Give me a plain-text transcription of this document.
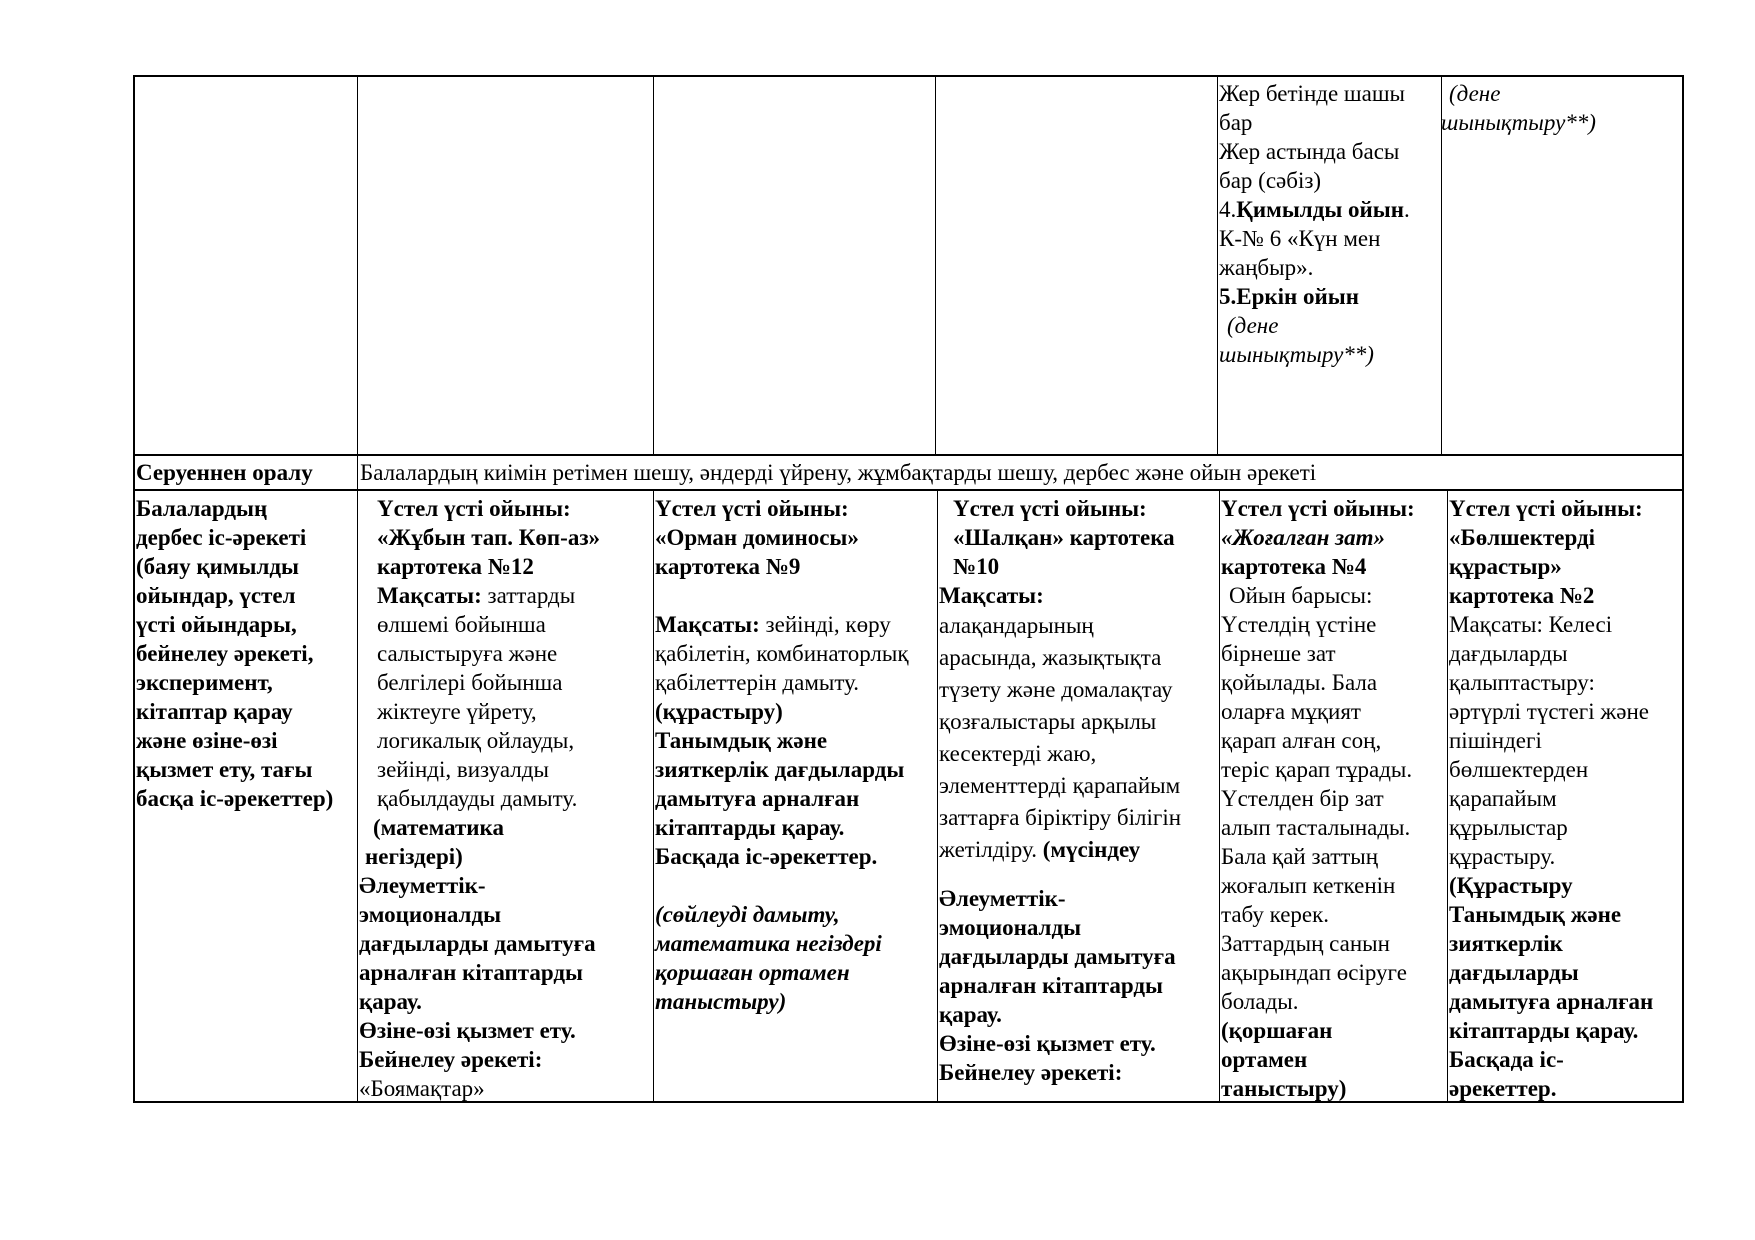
Жер бетінде шашы

бар

Жер астында басы

бар (сәбіз)

4.Қимылды ойын.

К-№ 6 «Күн мен

жаңбыр».

5.Еркін ойын

(дене

шынықтыру**)

(дене

шынықтыру**)

Серуеннен оралу	Балалардың киімін ретімен шешу, әндерді үйрену, жұмбақтарды шешу, дербес және ойын әрекеті

Балалардың

дербес іс-әрекеті

(баяу қимылды

ойындар, үстел

үсті ойындары,

бейнелеу әрекеті,

эксперимент,

кітаптар қарау

және өзіне-өзі

қызмет ету, тағы

басқа іс-әрекеттер)

Үстел үсті ойыны:

«Жұбын тап. Көп-аз»

картотека №12

Мақсаты: заттарды

өлшемі бойынша

салыстыруға және

белгілері бойынша

жіктеуге үйрету,

логикалық ойлауды,

зейінді, визуалды

қабылдауды дамыту.

(математика

негіздері)

Әлеуметтік-

эмоционалды

дағдыларды дамытуға

арналған кітаптарды

қарау.

Өзіне-өзі қызмет ету.

Бейнелеу әрекеті:

«Боямақтар»

Үстел үсті ойыны:

«Орман доминосы»

картотека №9

Мақсаты: зейінді, көру

қабілетін, комбинаторлық

қабілеттерін дамыту.

(құрастыру)

Танымдық және

зияткерлік дағдыларды

дамытуға арналған

кітаптарды қарау.

Басқада іс-әрекеттер.

(сөйлеуді дамыту,

математика негіздері

қоршаған ортамен

таныстыру)

Үстел үсті ойыны:

«Шалқан» картотека

№10

Мақсаты:

алақандарының

арасында, жазықтықта

түзету және домалақтау

қозғалыстары арқылы

кесектерді жаю,

элементтерді қарапайым

заттарға біріктіру білігін

жетілдіру. (мүсіндеу

Әлеуметтік-

эмоционалды

дағдыларды дамытуға

арналған кітаптарды

қарау.

Өзіне-өзі қызмет ету.

Бейнелеу әрекеті:

Үстел үсті ойыны:

«Жоғалған зат»

картотека №4

Ойын барысы:

Үстелдің үстіне

бірнеше зат

қойылады. Бала

оларға мұқият

қарап алған соң,

теріс қарап тұрады.

Үстелден бір зат

алып тасталынады.

Бала қай заттың

жоғалып кеткенін

табу керек.

Заттардың санын

ақырындап өсіруге

болады.

(қоршаған

ортамен

таныстыру)

Үстел үсті ойыны:

«Бөлшектерді

құрастыр»

картотека №2

Мақсаты: Келесі

дағдыларды

қалыптастыру:

әртүрлі түстегі және

пішіндегі

бөлшектерден

қарапайым

құрылыстар

құрастыру.

(Құрастыру

Танымдық және

зияткерлік

дағдыларды

дамытуға арналған

кітаптарды қарау.

Басқада іс-

әрекеттер.
